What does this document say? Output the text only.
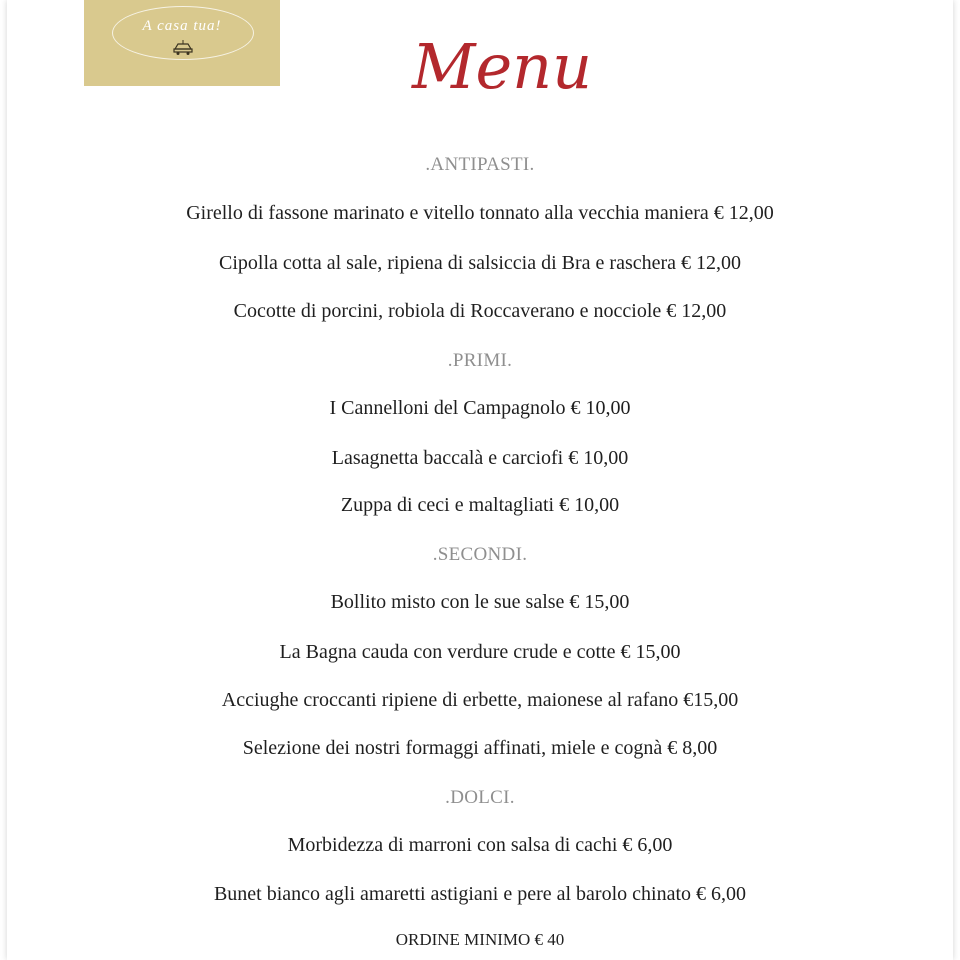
A casa tua!
Menu
.ANTIPASTI.
Girello di fassone marinato e vitello tonnato alla vecchia maniera € 12,00
Cipolla cotta al sale, ripiena di salsiccia di Bra e raschera € 12,00
Cocotte di porcini, robiola di Roccaverano e nocciole € 12,00
.PRIMI.
I Cannelloni del Campagnolo € 10,00
Lasagnetta baccalà e carciofi € 10,00
Zuppa di ceci e maltagliati € 10,00
.SECONDI.
Bollito misto con le sue salse € 15,00
La Bagna cauda con verdure crude e cotte € 15,00
Acciughe croccanti ripiene di erbette, maionese al rafano €15,00
Selezione dei nostri formaggi affinati, miele e cognà € 8,00
.DOLCI.
Morbidezza di marroni con salsa di cachi € 6,00
Bunet bianco agli amaretti astigiani e pere al barolo chinato € 6,00
ORDINE MINIMO € 40
